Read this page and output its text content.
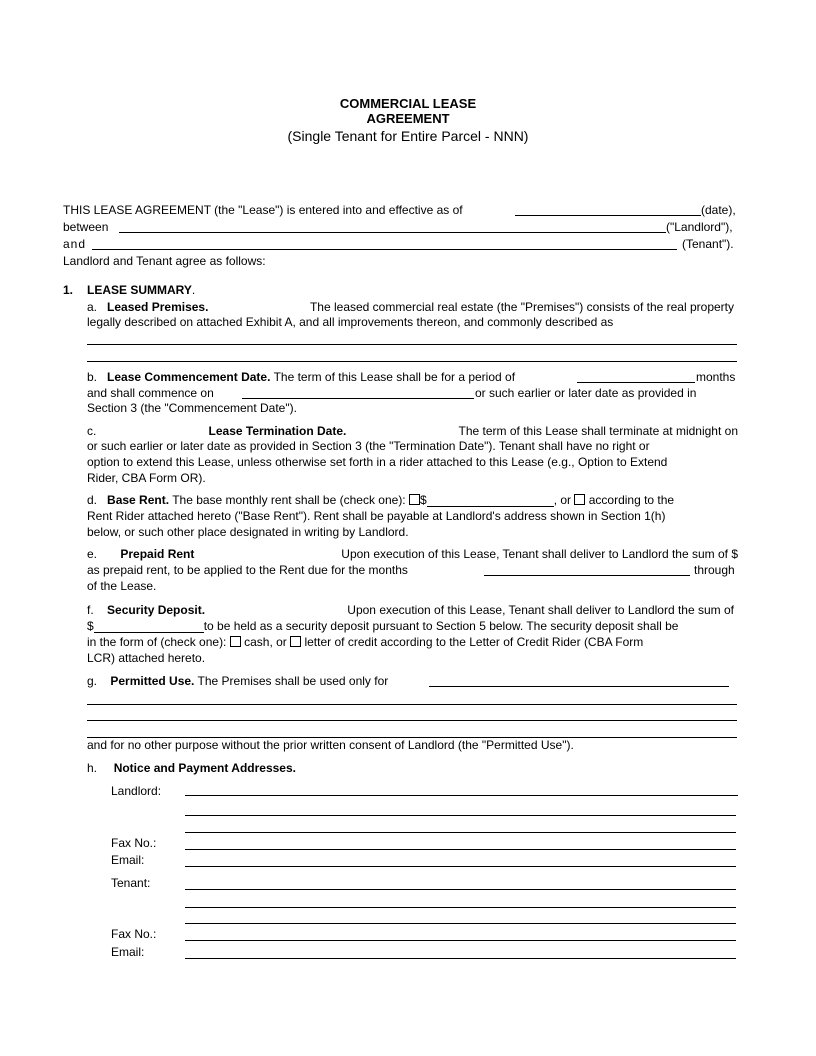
COMMERCIAL LEASE
AGREEMENT
(Single Tenant for Entire Parcel - NNN)
THIS LEASE AGREEMENT (the "Lease") is entered into and effective as of	(date),
between	("Landlord"),
and	(Tenant").
Landlord and Tenant agree as follows:
1. LEASE SUMMARY.
a. Leased Premises.	The leased commercial real estate (the "Premises") consists of the real property
legally described on attached Exhibit A, and all improvements thereon, and commonly described as
b. Lease Commencement Date. The term of this Lease shall be for a period of	months
and shall commence on	or such earlier or later date as provided in
Section 3 (the "Commencement Date").
c.	Lease Termination Date.	The term of this Lease shall terminate at midnight on
or such earlier or later date as provided in Section 3 (the "Termination Date"). Tenant shall have no right or
option to extend this Lease, unless otherwise set forth in a rider attached to this Lease (e.g., Option to Extend
Rider, CBA Form OR).
d. Base Rent. The base monthly rent shall be (check one): $	, or according to the
Rent Rider attached hereto ("Base Rent"). Rent shall be payable at Landlord's address shown in Section 1(h)
below, or such other place designated in writing by Landlord.
e. Prepaid Rent	Upon execution of this Lease, Tenant shall deliver to Landlord the sum of $
as prepaid rent, to be applied to the Rent due for the months	through
of the Lease.
f. Security Deposit.	Upon execution of this Lease, Tenant shall deliver to Landlord the sum of
$	to be held as a security deposit pursuant to Section 5 below. The security deposit shall be
in the form of (check one): cash, or letter of credit according to the Letter of Credit Rider (CBA Form
LCR) attached hereto.
g. Permitted Use. The Premises shall be used only for
and for no other purpose without the prior written consent of Landlord (the "Permitted Use").
h. Notice and Payment Addresses.
Landlord:
Fax No.:
Email:
Tenant:
Fax No.:
Email:
